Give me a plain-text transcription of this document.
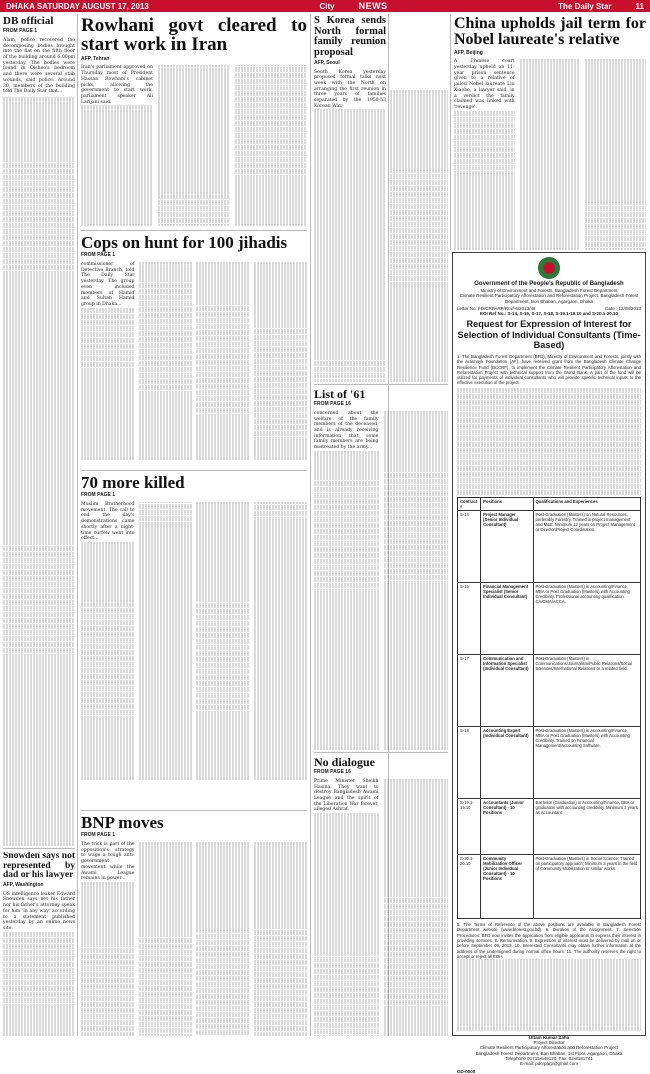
DHAKA SATURDAY AUGUST 17, 2013	City	NEWS	The Daily Star	11
DB official
FROM PAGE 1
Alam, police recovered the decomposing bodies brought into the flat on the fifth floor of the building around 6:00pm yesterday. The bodies were found in Oishee's bedroom and there were several stab wounds, said police. Around 30, members of the building told The Daily Star that...
Snowden says not represented by dad or his lawyer
AFP, Washington
US intelligence leaker Edward Snowden says not his father nor his father's attorney speak for him 'in any way' according to a statement published yesterday by an online news site.
Rowhani govt cleared to start work in Iran
AFP, Tehran
Iran's parliament approved on Thursday most of President Hassan Rowhani's cabinet picks, allowing the government to start work, parliament speaker Ali Larijani said.
Cops on hunt for 100 jihadis
FROM PAGE 1
commissioner of Detective Branch, told The Daily Star yesterday. The group even included members of Hamid and Sultan Hamid group in Dhaka...
70 more killed
FROM PAGE 1
Muslim Brotherhood movement. The call to end the day's demonstrations came shortly after a night-time curfew went into effect...
BNP moves
FROM PAGE 1
The trick is part of the opposition's strategy to wage a tough anti-government movement while the Awami League remains in power...
S Korea sends North formal family reunion proposal
AFP, Seoul
South Korea yesterday proposed formal talks next week with the North on arranging the first reunion in three years of families separated by the 1950-53 Korean War.
List of '61
FROM PAGE 16
concerned about the welfare of the family members of the deceased, and is already receiving information that some family members are being mistreated by the army...
No dialogue
FROM PAGE 16
Prime Minister Sheikh Hasina. They want to destroy Bangladesh Awami League and the spirit of the Liberation War forever, alleged Ashraf.
China upholds jail term for Nobel laureate's relative
AFP, Beijing
A Chinese court yesterday upheld an 11-year prison sentence given to a relative of jailed Nobel laureate Liu Xiaobo, a lawyer said, in a verdict the family claimed was linked with 'revenge'.
Government of the People's Republic of Bangladesh
Ministry of Environment and Forests, Bangladesh Forest Department
Climate Resilient Participatory Afforestation and Reforestation Project, Bangladesh Forest Department, Bon Bhaban, Agargaon, Dhaka
Letter No: FD/CRPARP/Rcv/-6/2013/48	Date : 12/08/2013
EOI Ref No.: S-14, S-15, S-17, S-18, S-19.1-19.10 and S-20.1-20.10
Request for Expression of Interest for Selection of Individual Consultants (Time-Based)
1. The Bangladesh Forest Department (BFD), Ministry of Environment and Forests, jointly with the Arannayk Foundation (AF), have received grant from the Bangladesh Climate Change Resilience Fund (BCCRF), to implement the Climate Resilient Participatory Afforestation and Reforestation Project with technical support from the World Bank. A part of the fund will be utilized for payments of individual consultants who will provide specific technical inputs to the effective execution of the project.
Contract #	Positions	Qualifications and Experiences
S-14	Project Manager (Senior Individual Consultant)	Post-Graduation (Masters) on Natural Resources, preferably Forestry. Trained in project management and M&E. Minimum 12 years on Project Management or Director/Project Coordination.
S-15	Financial Management Specialist (Senior Individual Consultant)	Post-Graduation (Masters) in Accounting/Finance, MBA or Post Graduation (Masters) with Accounting Credibility. Professional accounting qualification CA/CMA/ACCA.
S-17	Communication and Information Specialist (Individual Consultant)	Post-Graduation (Masters) in Communications/Journalism/Public Relations/Social Sciences/International Relations or a related field.
S-18	Accounting Expert (Individual Consultant)	Post-Graduation (Masters) in Accounting/Finance, MBA or Post Graduation (Masters) with Accounting Credibility. Trained on Financial Management/Accounting Software.
S-19.1-19.10	Accountants (Junior Consultant) - 10 Positions	Bachelor (Graduation) in Accounting/Finance, BBA or graduation with accounting credibility. Minimum 3 years as Accountant.
S-20.1-20.10	Community Mobilization Officer (Junior Individual Consultant) - 10 Positions	Post-Graduation (Masters) in Social Science; Trained on participatory approach; Minimum 3 years in the field of Community Mobilization or similar works.
5. The Terms of Reference of the above positions are available in Bangladesh Forest Department website (www.bforest.gov.bd). 6. Duration of the Assignment. 7. Selection Procedures: BFD now invites the application from eligible applicants to express their interest in providing services. 8. Remuneration. 9. Expression of interest must be delivered by mail on or before September 09, 2013. 10. Interested Consultants may obtain further information at the address of the undersigned during normal office hours. 11. The authority reserves the right to accept or reject all EOIs.
Uttam Kumar Saha
Project Director
Climate Resilient Participatory Afforestation and Reforestation Project
Bangladesh Forest Department, Ban Bhaban, 1st Floor, Agargaon, Dhaka
Telephone 01715-649120, Fax: 02-8181741
E-mail: pdcrparp@gmail.com
GD-0000
